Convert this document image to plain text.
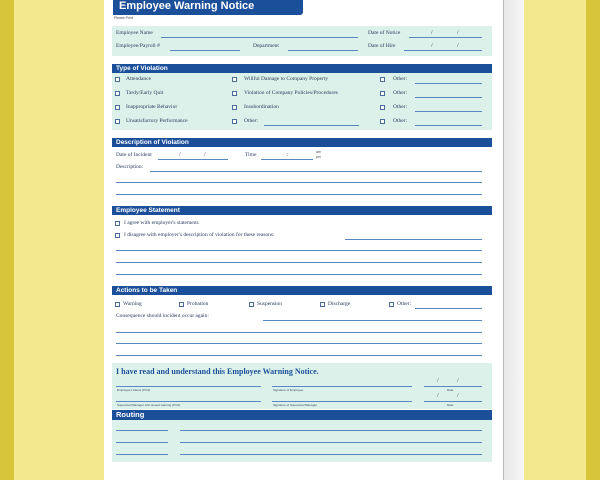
Employee Warning Notice
Please Print
Employee Name	Date of Notice	/	/
Employee/Payroll #	Department	Date of Hire	/	/
Type of Violation
Attendance	Willful Damage to Company Property	Other:
Tardy/Early Quit	Violation of Company Policies/Procedures	Other:
Inappropriate Behavior	Insubordination	Other:
Unsatisfactory Performance	Other:	Other:
Description of Violation
Date of Incident	/	/	Time	:	am
pm
Description:
Employee Statement
I agree with employer's statement.
I disagree with employer's description of violation for these reasons:
Actions to be Taken
Warning	Probation	Suspension	Discharge	Other:
Consequence should incident occur again:
I have read and understand this Employee Warning Notice.
Employee's Name (Print)	Signature of Employee
/	/
Date
Supervisor/Manager who issued warning (Print)	Signature of Supervisor/Manager
/	/
Date
Routing
